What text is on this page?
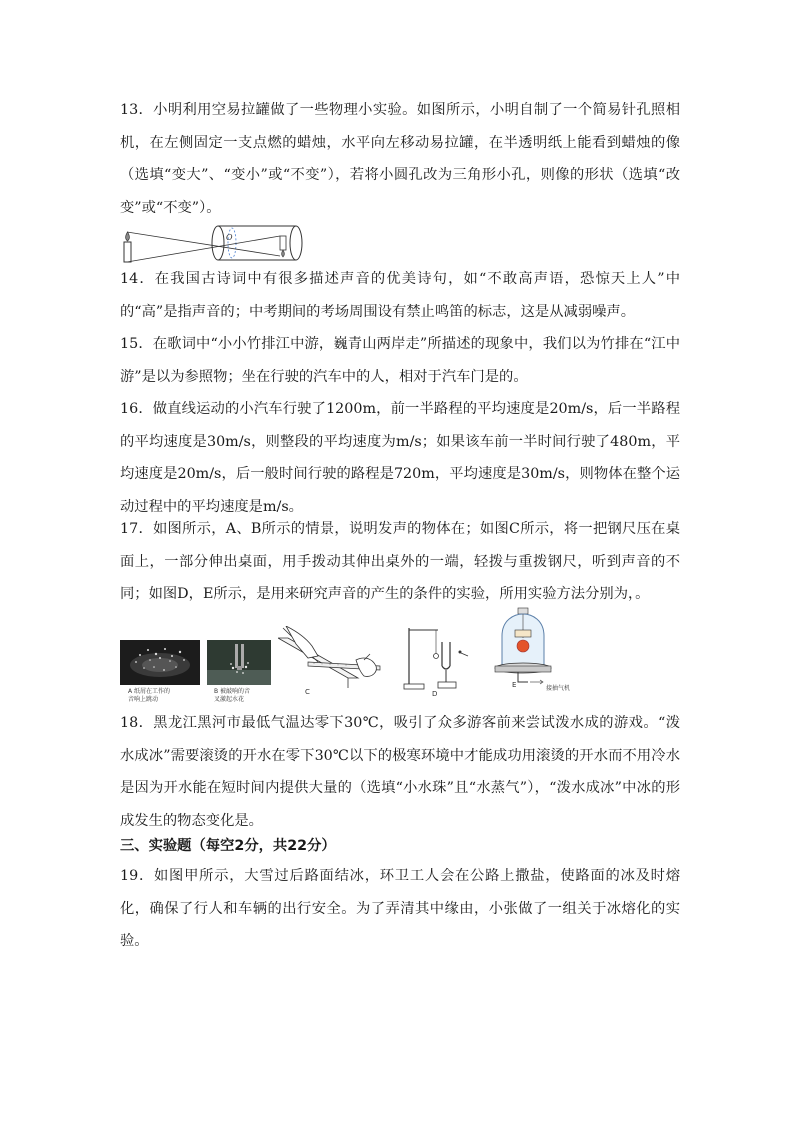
13．小明利用空易拉罐做了一些物理小实验。如图所示，小明自制了一个简易针孔照相机，在左侧固定一支点燃的蜡烛，水平向左移动易拉罐，在半透明纸上能看到蜡烛的像（选填“变大”、“变小”或“不变”），若将小圆孔改为三角形小孔，则像的形状（选填“改变”或“不变”）。

O

14．在我国古诗词中有很多描述声音的优美诗句，如“不敢高声语，恐惊天上人”中的“高”是指声音的；中考期间的考场周围设有禁止鸣笛的标志，这是从减弱噪声。

15．在歌词中“小小竹排江中游，巍青山两岸走”所描述的现象中，我们以为竹排在“江中游”是以为参照物；坐在行驶的汽车中的人，相对于汽车门是的。

16．做直线运动的小汽车行驶了1200m，前一半路程的平均速度是20m/s，后一半路程的平均速度是30m/s，则整段的平均速度为m/s；如果该车前一半时间行驶了480m，平均速度是20m/s，后一般时间行驶的路程是720m，平均速度是30m/s，则物体在整个运动过程中的平均速度是m/s。

17．如图所示，A、B所示的情景，说明发声的物体在；如图C所示，将一把钢尺压在桌面上，一部分伸出桌面，用手拨动其伸出桌外的一端，轻拨与重拨钢尺，听到声音的不同；如图D，E所示，是用来研究声音的产生的条件的实验，所用实验方法分别为，。

A 纸屑在工作的
音响上跳动
B 被敲响的音
叉激起水花
C	D
E	接抽气机

18．黑龙江黑河市最低气温达零下30℃，吸引了众多游客前来尝试泼水成的游戏。“泼水成冰”需要滚烫的开水在零下30℃以下的极寒环境中才能成功用滚烫的开水而不用冷水是因为开水能在短时间内提供大量的（选填“小水珠”且“水蒸气”），“泼水成冰”中冰的形成发生的物态变化是。

三、实验题（每空2分，共22分）

19．如图甲所示，大雪过后路面结冰，环卫工人会在公路上撒盐，使路面的冰及时熔化，确保了行人和车辆的出行安全。为了弄清其中缘由，小张做了一组关于冰熔化的实验。
